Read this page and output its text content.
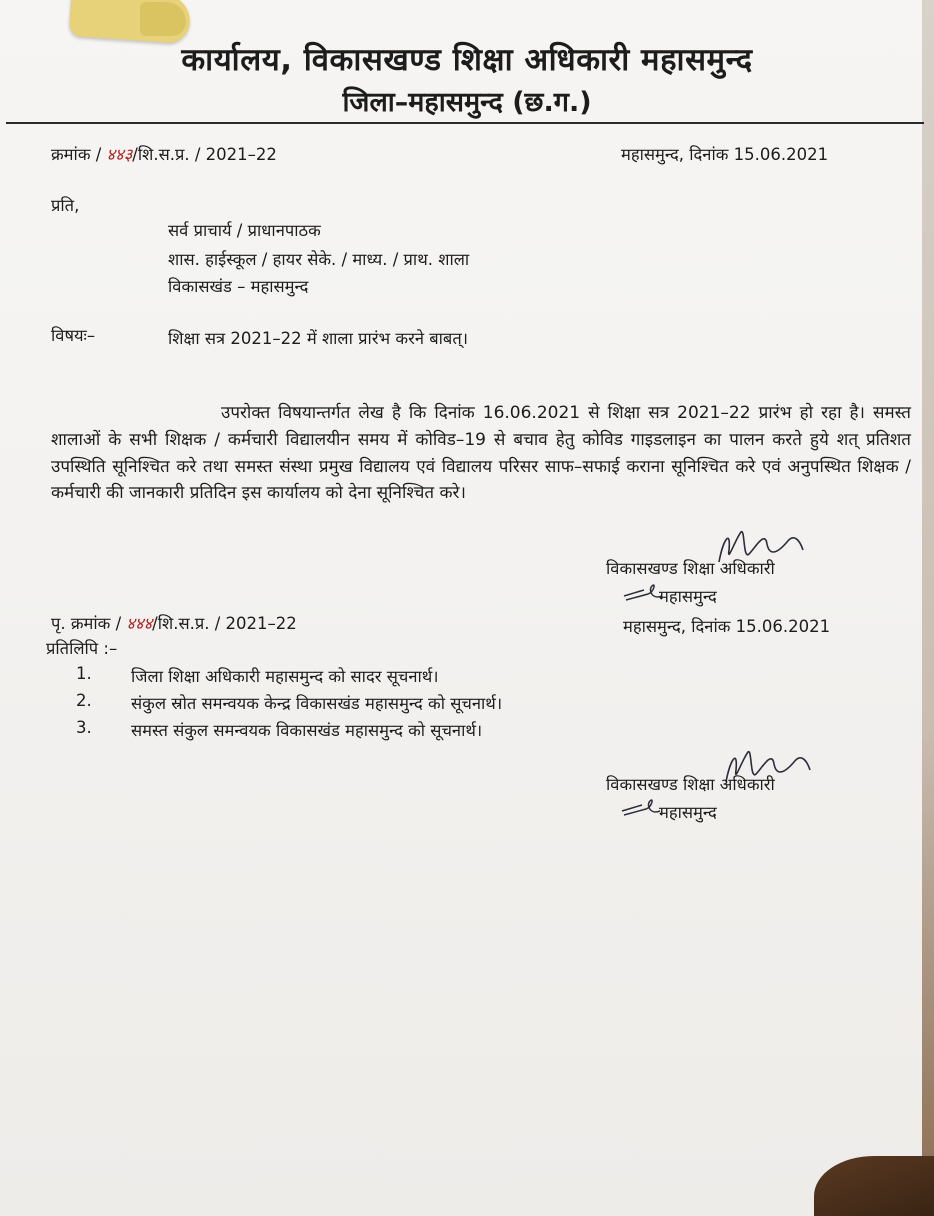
कार्यालय, विकासखण्ड शिक्षा अधिकारी महासमुन्द
जिला–महासमुन्द (छ.ग.)
क्रमांक / ४४३/शि.स.प्र. / 2021–22	महासमुन्द, दिनांक 15.06.2021
प्रति,
सर्व प्राचार्य / प्राधानपाठक
शास. हाईस्कूल / हायर सेके. / माध्य. / प्राथ. शाला
विकासखंड – महासमुन्द
विषयः–	शिक्षा सत्र 2021–22 में शाला प्रारंभ करने बाबत्।
उपरोक्त विषयान्तर्गत लेख है कि दिनांक 16.06.2021 से शिक्षा सत्र 2021–22 प्रारंभ हो रहा है। समस्त शालाओं के सभी शिक्षक / कर्मचारी विद्यालयीन समय में कोविड–19 से बचाव हेतु कोविड गाइडलाइन का पालन करते हुये शत् प्रतिशत उपस्थिति सूनिश्चित करे तथा समस्त संस्था प्रमुख विद्यालय एवं विद्यालय परिसर साफ–सफाई कराना सूनिश्चित करे एवं अनुपस्थित शिक्षक / कर्मचारी की जानकारी प्रतिदिन इस कार्यालय को देना सूनिश्चित करे।
विकासखण्ड शिक्षा अधिकारी
महासमुन्द
पृ. क्रमांक / ४४४/शि.स.प्र. / 2021–22	महासमुन्द, दिनांक 15.06.2021
प्रतिलिपि :–
1. जिला शिक्षा अधिकारी महासमुन्द को सादर सूचनार्थ।
2. संकुल स्रोत समन्वयक केन्द्र विकासखंड महासमुन्द को सूचनार्थ।
3. समस्त संकुल समन्वयक विकासखंड महासमुन्द को सूचनार्थ।
विकासखण्ड शिक्षा अधिकारी
महासमुन्द
